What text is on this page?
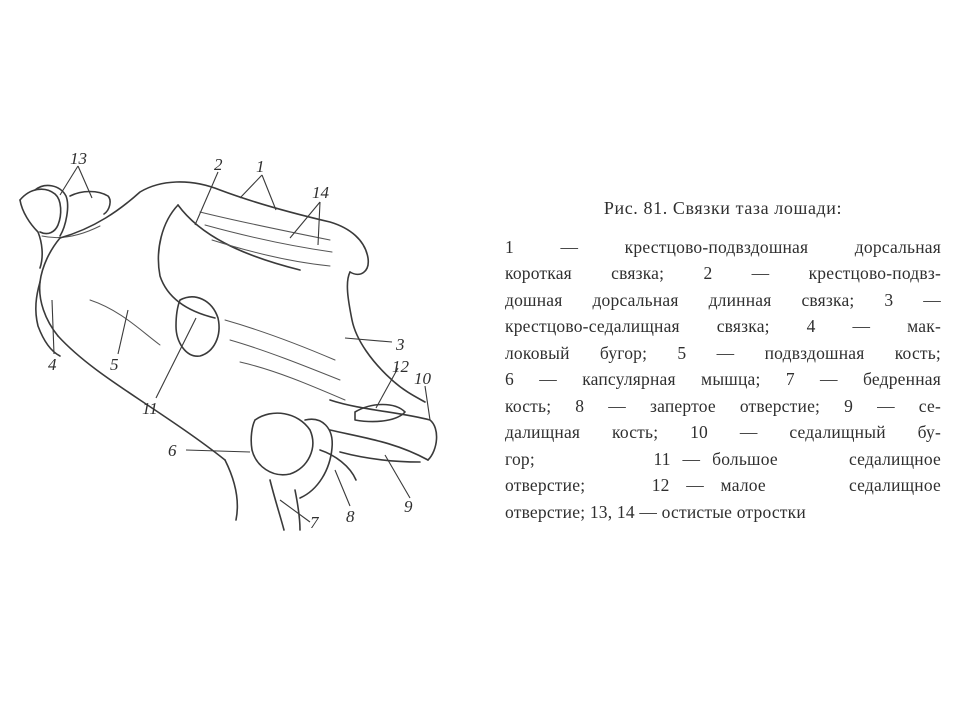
13	2 1
14
4	5
3
11
12
10
6
9
8
7
Рис. 81. Связки таза лошади:
1 — крестцово-подвздошная дорсальная
короткая связка; 2 — крестцово-подвз-
дошная дорсальная длинная связка; 3 —
крестцово-седалищная связка; 4 — мак-
локовый бугор; 5 — подвздошная кость;
6 — капсулярная мышца; 7 — бедренная
кость; 8 — запертое отверстие; 9 — се-
далищная кость; 10 — седалищный бу-
гор;          11 — большое      седалищное
отверстие;    12 — малое     седалищное
отверстие; 13, 14 — остистые отростки
